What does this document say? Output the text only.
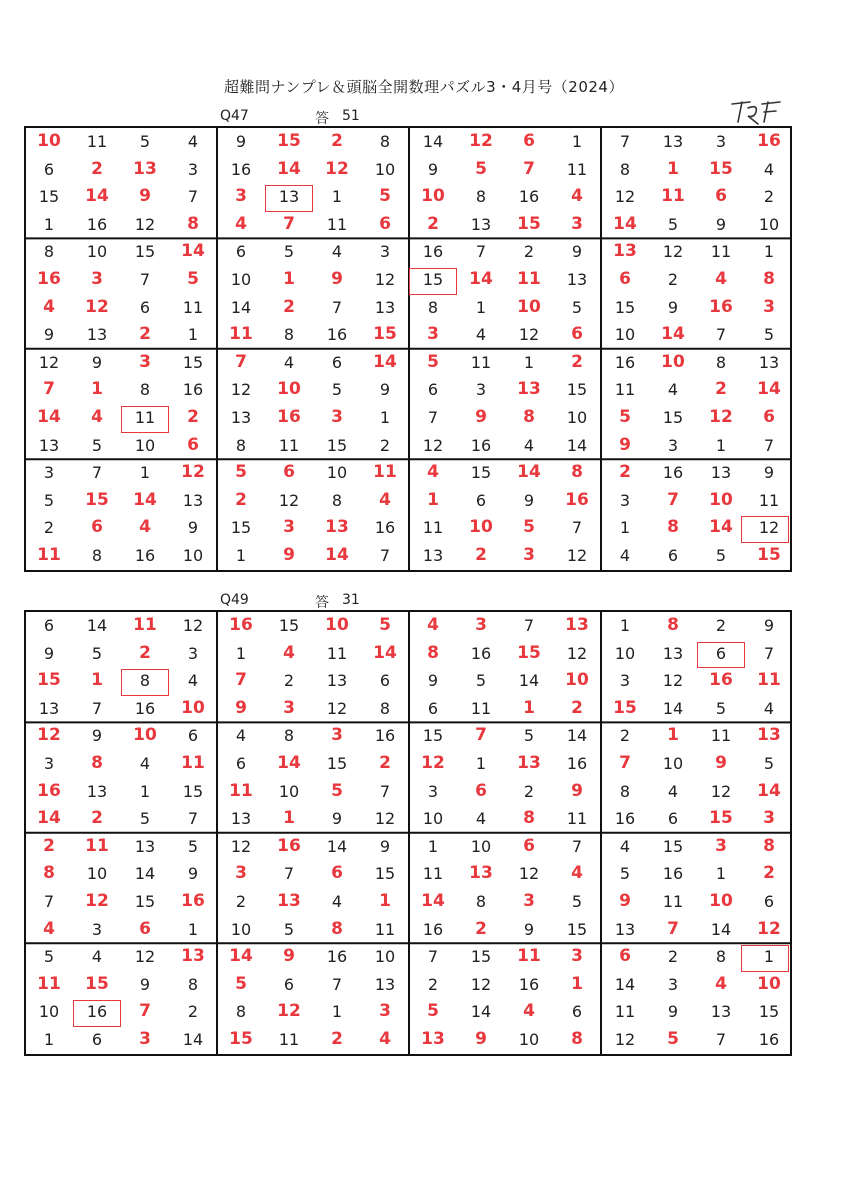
超難問ナンプレ＆頭脳全開数理パズル3・4月号（2024）
Q47	答 51
10	11	5	4	9	15	2	8	14	12	6	1	7	13	3	16
6	2	13	3	16	14	12	10	9	5	7	11	8	1	15	4
15	14	9	7	3	13	1	5	10	8	16	4	12	11	6	2
1	16	12	8	4	7	11	6	2	13	15	3	14	5	9	10
8	10	15	14	6	5	4	3	16	7	2	9	13	12	11	1
16	3	7	5	10	1	9	12	15	14	11	13	6	2	4	8
4	12	6	11	14	2	7	13	8	1	10	5	15	9	16	3
9	13	2	1	11	8	16	15	3	4	12	6	10	14	7	5
12	9	3	15	7	4	6	14	5	11	1	2	16	10	8	13
7	1	8	16	12	10	5	9	6	3	13	15	11	4	2	14
14	4	11	2	13	16	3	1	7	9	8	10	5	15	12	6
13	5	10	6	8	11	15	2	12	16	4	14	9	3	1	7
3	7	1	12	5	6	10	11	4	15	14	8	2	16	13	9
5	15	14	13	2	12	8	4	1	6	9	16	3	7	10	11
2	6	4	9	15	3	13	16	11	10	5	7	1	8	14	12
11	8	16	10	1	9	14	7	13	2	3	12	4	6	5	15
Q49	答 31
6	14	11	12	16	15	10	5	4	3	7	13	1	8	2	9
9	5	2	3	1	4	11	14	8	16	15	12	10	13	6	7
15	1	8	4	7	2	13	6	9	5	14	10	3	12	16	11
13	7	16	10	9	3	12	8	6	11	1	2	15	14	5	4
12	9	10	6	4	8	3	16	15	7	5	14	2	1	11	13
3	8	4	11	6	14	15	2	12	1	13	16	7	10	9	5
16	13	1	15	11	10	5	7	3	6	2	9	8	4	12	14
14	2	5	7	13	1	9	12	10	4	8	11	16	6	15	3
2	11	13	5	12	16	14	9	1	10	6	7	4	15	3	8
8	10	14	9	3	7	6	15	11	13	12	4	5	16	1	2
7	12	15	16	2	13	4	1	14	8	3	5	9	11	10	6
4	3	6	1	10	5	8	11	16	2	9	15	13	7	14	12
5	4	12	13	14	9	16	10	7	15	11	3	6	2	8	1
11	15	9	8	5	6	7	13	2	12	16	1	14	3	4	10
10	16	7	2	8	12	1	3	5	14	4	6	11	9	13	15
1	6	3	14	15	11	2	4	13	9	10	8	12	5	7	16
